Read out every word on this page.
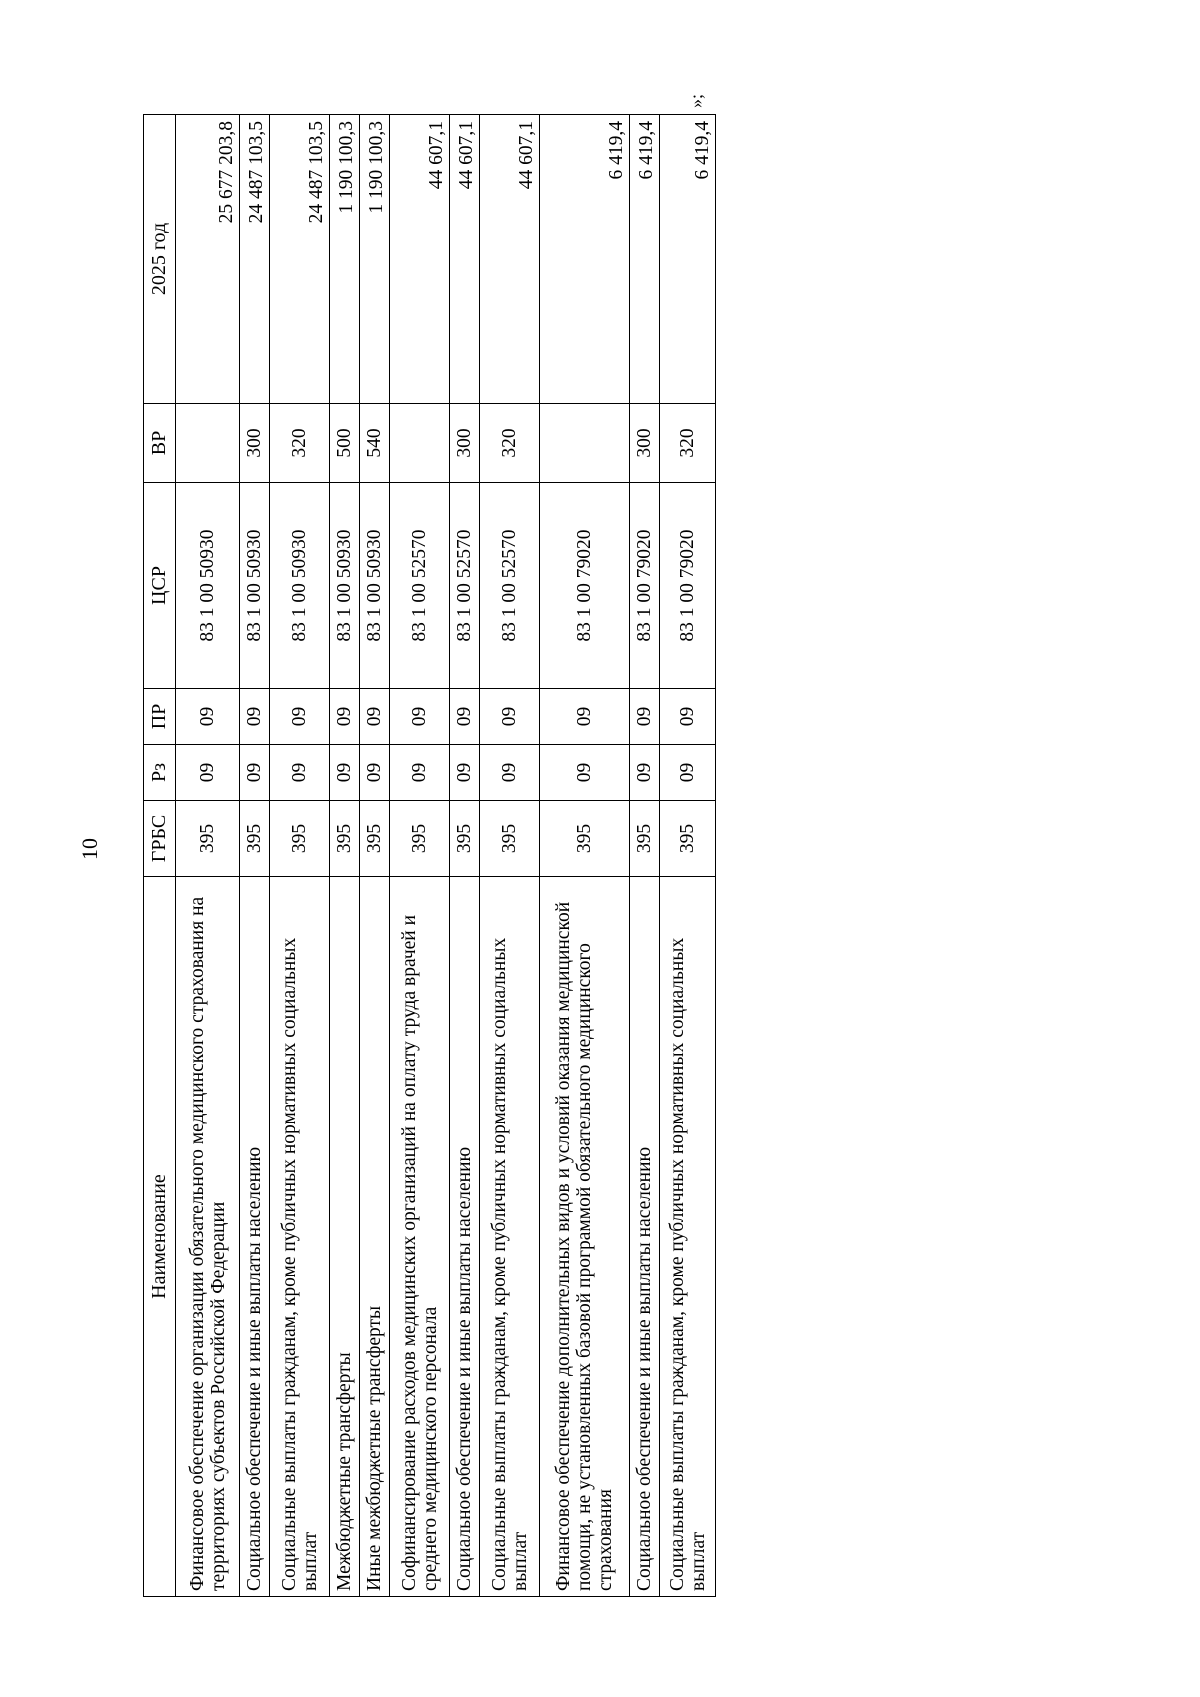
10
Наименование	ГРБС	Рз	ПР	ЦСР	ВР	2025 год
Финансовое обеспечение организации обязательного медицинского страхования на территориях субъектов Российской Федерации	395	09	09	83 1 00 50930		25 677 203,8
Социальное обеспечение и иные выплаты населению	395	09	09	83 1 00 50930	300	24 487 103,5
Социальные выплаты гражданам, кроме публичных нормативных социальных выплат	395	09	09	83 1 00 50930	320	24 487 103,5
Межбюджетные трансферты	395	09	09	83 1 00 50930	500	1 190 100,3
Иные межбюджетные трансферты	395	09	09	83 1 00 50930	540	1 190 100,3
Софинансирование расходов медицинских организаций на оплату труда врачей и среднего медицинского персонала	395	09	09	83 1 00 52570		44 607,1
Социальное обеспечение и иные выплаты населению	395	09	09	83 1 00 52570	300	44 607,1
Социальные выплаты гражданам, кроме публичных нормативных социальных выплат	395	09	09	83 1 00 52570	320	44 607,1
Финансовое обеспечение дополнительных видов и условий оказания медицинской помощи, не установленных базовой программой обязательного медицинского страхования	395	09	09	83 1 00 79020		6 419,4
Социальное обеспечение и иные выплаты населению	395	09	09	83 1 00 79020	300	6 419,4
Социальные выплаты гражданам, кроме публичных нормативных социальных выплат	395	09	09	83 1 00 79020	320	6 419,4
»;
